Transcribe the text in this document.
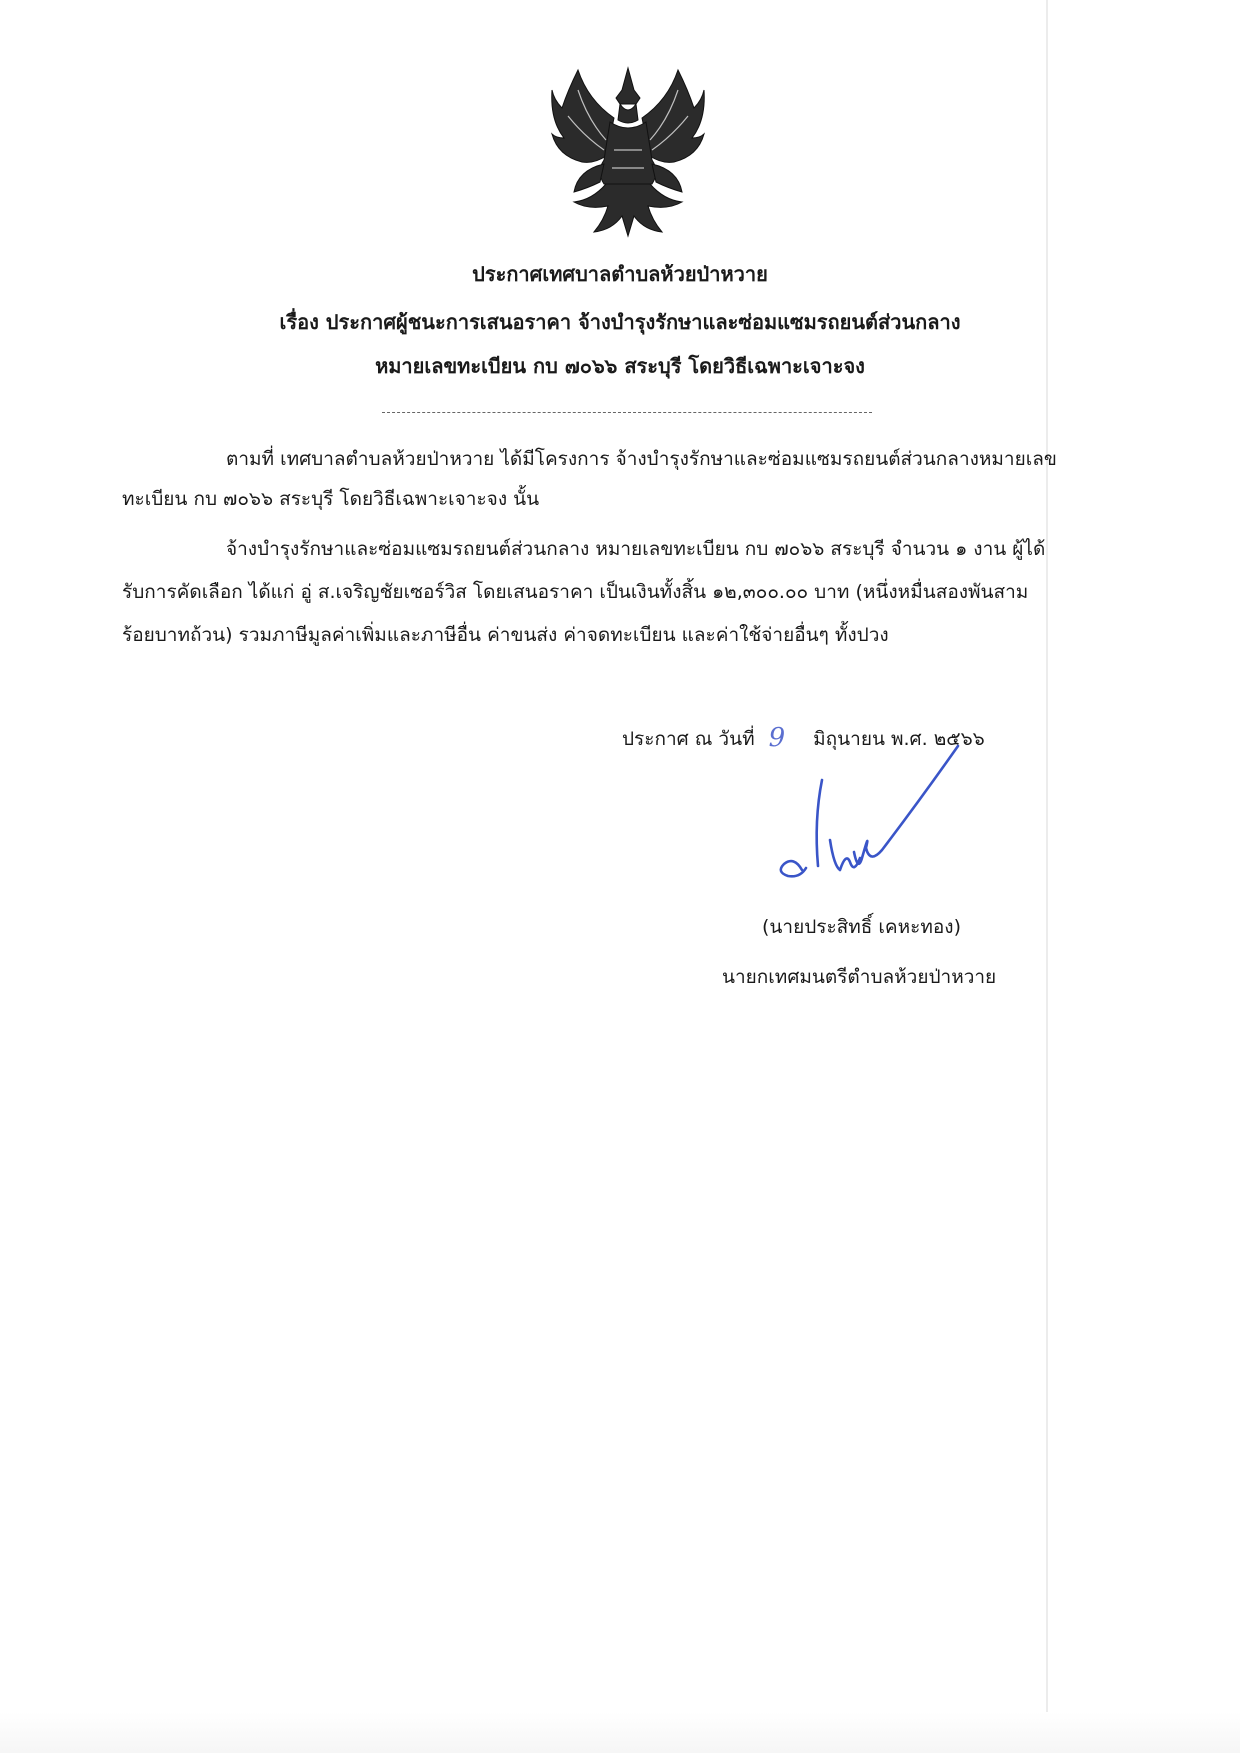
ประกาศเทศบาลตำบลห้วยป่าหวาย
เรื่อง ประกาศผู้ชนะการเสนอราคา จ้างบำรุงรักษาและซ่อมแซมรถยนต์ส่วนกลาง
หมายเลขทะเบียน กบ ๗๐๖๖ สระบุรี โดยวิธีเฉพาะเจาะจง
ตามที่ เทศบาลตำบลห้วยป่าหวาย ได้มีโครงการ จ้างบำรุงรักษาและซ่อมแซมรถยนต์ส่วนกลางหมายเลข
ทะเบียน กบ ๗๐๖๖ สระบุรี โดยวิธีเฉพาะเจาะจง นั้น
จ้างบำรุงรักษาและซ่อมแซมรถยนต์ส่วนกลาง หมายเลขทะเบียน กบ ๗๐๖๖ สระบุรี จำนวน ๑ งาน ผู้ได้
รับการคัดเลือก ได้แก่ อู่ ส.เจริญชัยเซอร์วิส โดยเสนอราคา เป็นเงินทั้งสิ้น ๑๒,๓๐๐.๐๐ บาท (หนึ่งหมื่นสองพันสาม
ร้อยบาทถ้วน) รวมภาษีมูลค่าเพิ่มและภาษีอื่น ค่าขนส่ง ค่าจดทะเบียน และค่าใช้จ่ายอื่นๆ ทั้งปวง
ประกาศ ณ วันที่ 9 มิถุนายน พ.ศ. ๒๕๖๖
(นายประสิทธิ์ เคหะทอง)
นายกเทศมนตรีตำบลห้วยป่าหวาย
